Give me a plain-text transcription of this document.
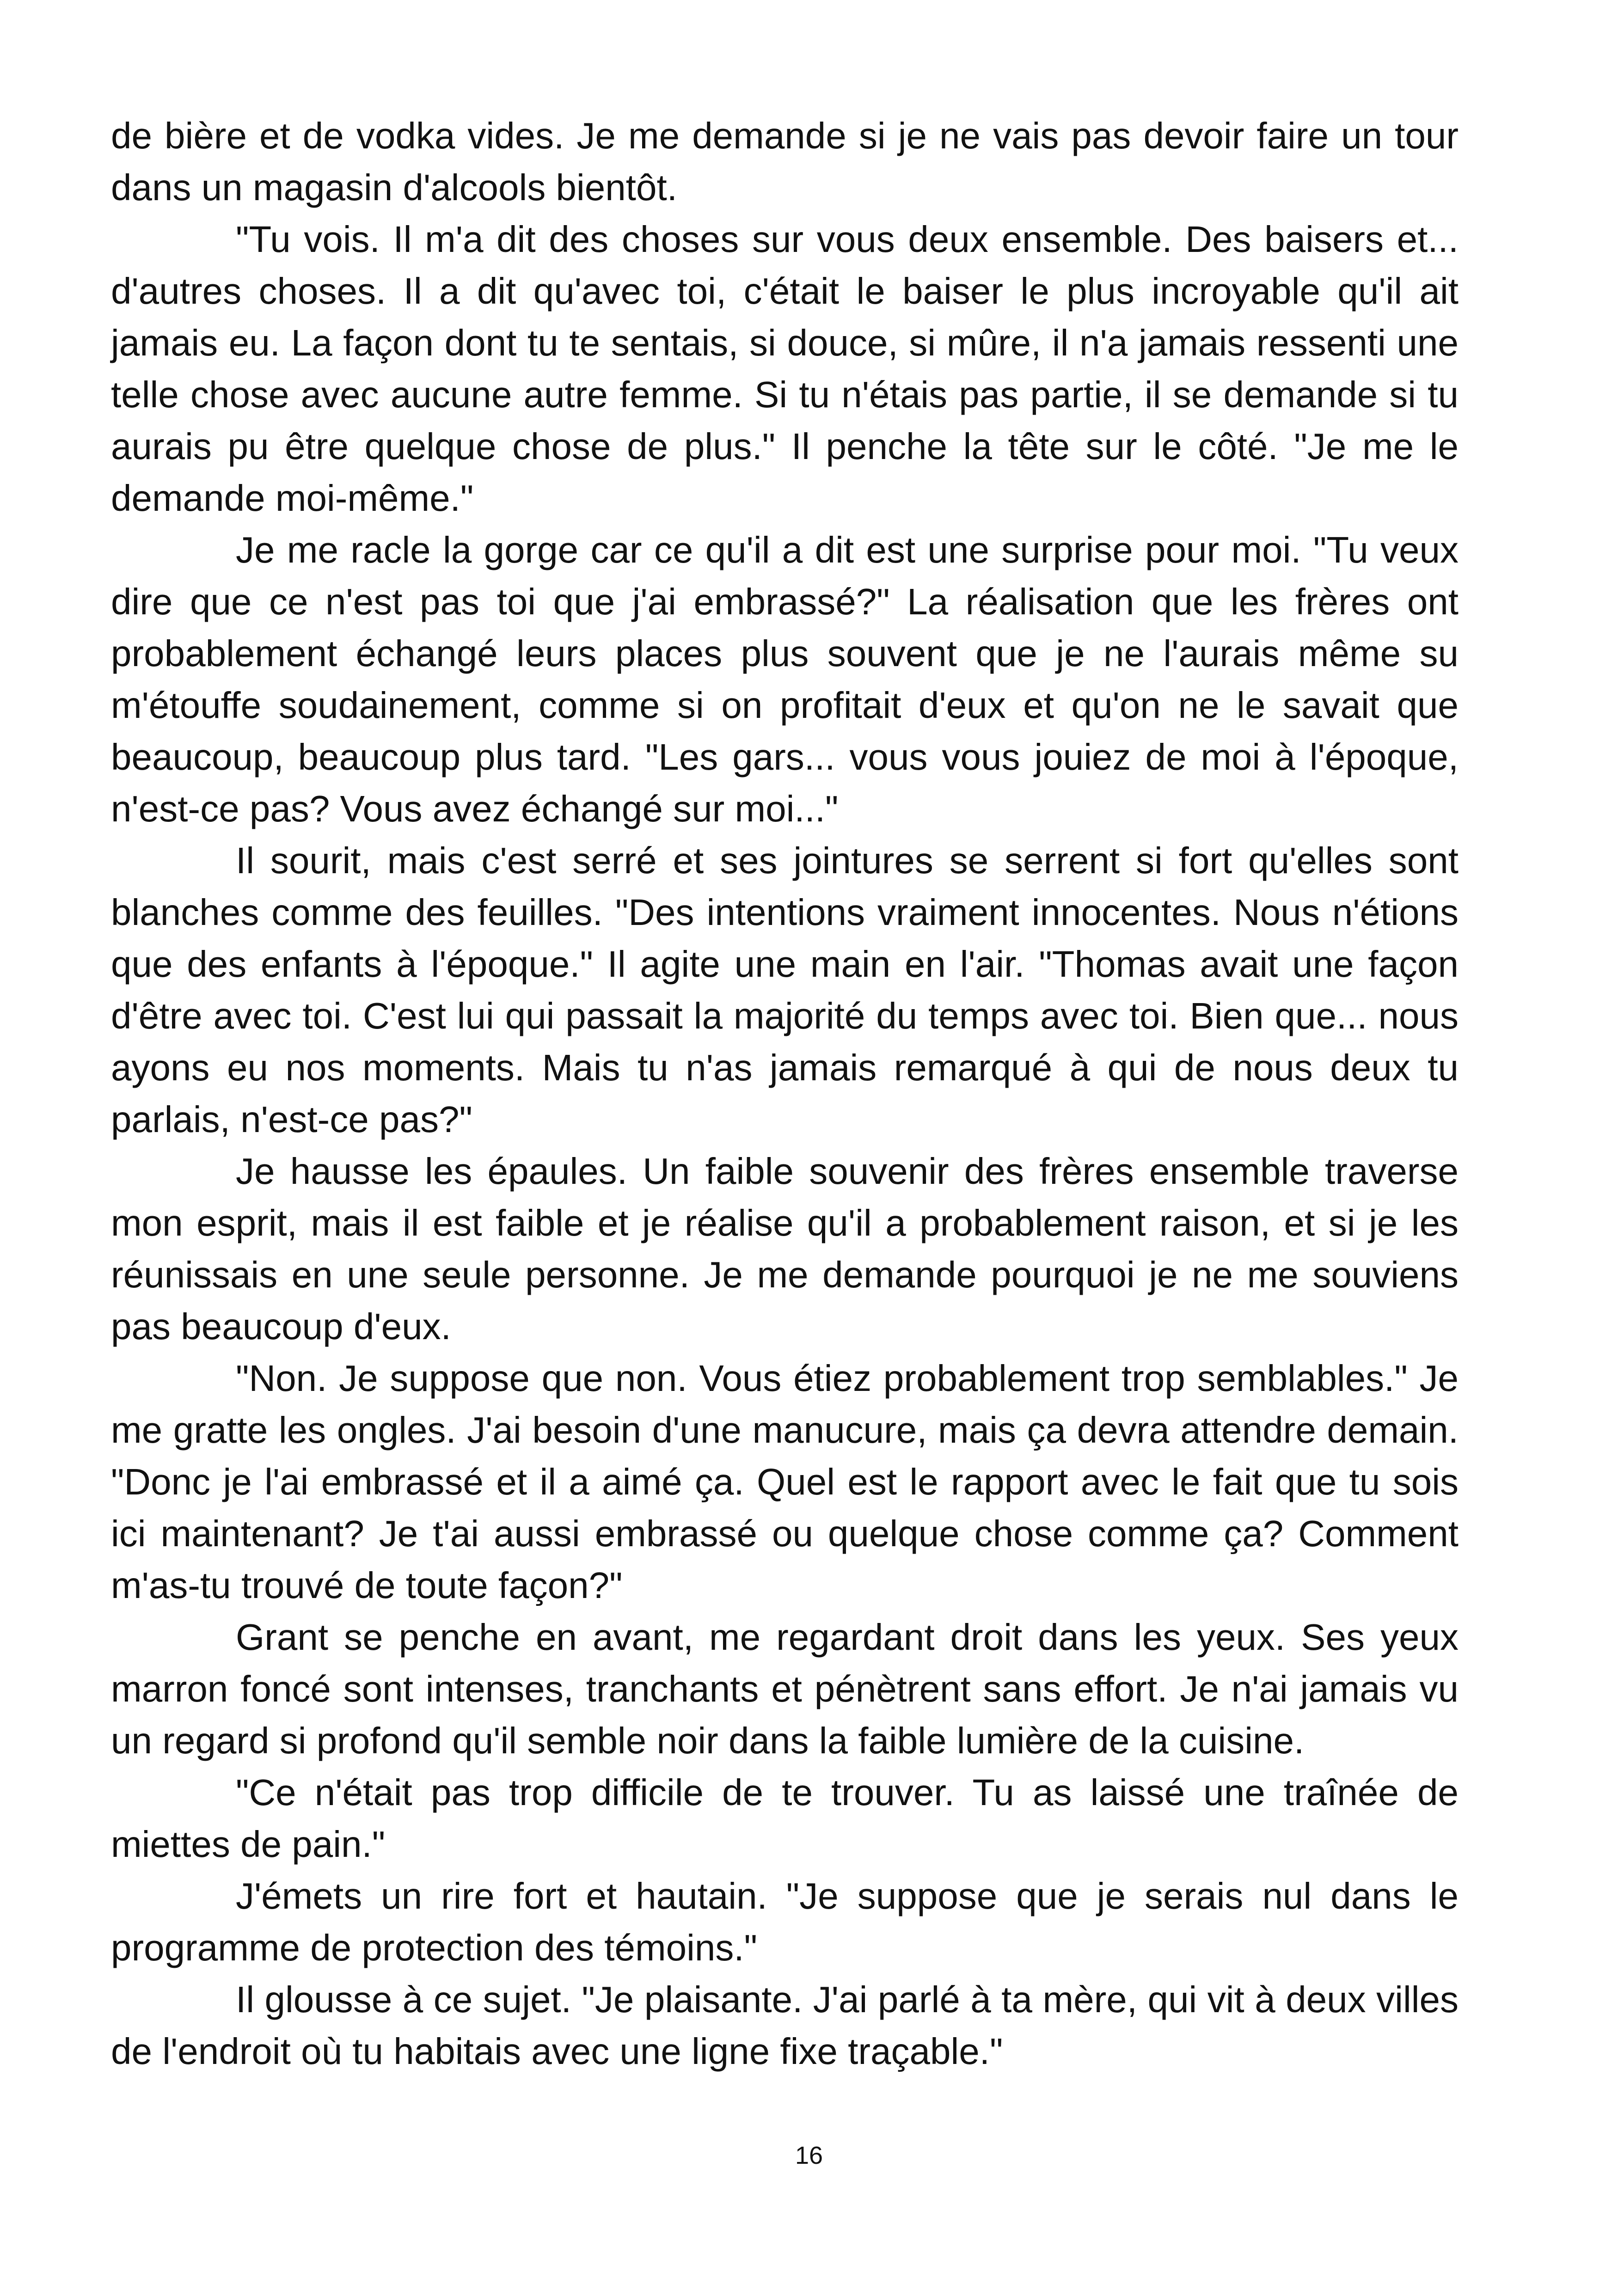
de bière et de vodka vides. Je me demande si je ne vais pas devoir faire un tour dans un magasin d'alcools bientôt.

"Tu vois. Il m'a dit des choses sur vous deux ensemble. Des baisers et... d'autres choses. Il a dit qu'avec toi, c'était le baiser le plus incroyable qu'il ait jamais eu. La façon dont tu te sentais, si douce, si mûre, il n'a jamais ressenti une telle chose avec aucune autre femme. Si tu n'étais pas partie, il se demande si tu aurais pu être quelque chose de plus." Il penche la tête sur le côté. "Je me le demande moi-même."

Je me racle la gorge car ce qu'il a dit est une surprise pour moi. "Tu veux dire que ce n'est pas toi que j'ai embrassé?" La réalisation que les frères ont probablement échangé leurs places plus souvent que je ne l'aurais même su m'étouffe soudainement, comme si on profitait d'eux et qu'on ne le savait que beaucoup, beaucoup plus tard. "Les gars... vous vous jouiez de moi à l'époque, n'est-ce pas? Vous avez échangé sur moi..."

Il sourit, mais c'est serré et ses jointures se serrent si fort qu'elles sont blanches comme des feuilles. "Des intentions vraiment innocentes. Nous n'étions que des enfants à l'époque." Il agite une main en l'air. "Thomas avait une façon d'être avec toi. C'est lui qui passait la majorité du temps avec toi. Bien que... nous ayons eu nos moments. Mais tu n'as jamais remarqué à qui de nous deux tu parlais, n'est-ce pas?"

Je hausse les épaules. Un faible souvenir des frères ensemble traverse mon esprit, mais il est faible et je réalise qu'il a probablement raison, et si je les réunissais en une seule personne. Je me demande pourquoi je ne me souviens pas beaucoup d'eux.

"Non. Je suppose que non. Vous étiez probablement trop semblables." Je me gratte les ongles. J'ai besoin d'une manucure, mais ça devra attendre demain. "Donc je l'ai embrassé et il a aimé ça. Quel est le rapport avec le fait que tu sois ici maintenant? Je t'ai aussi embrassé ou quelque chose comme ça? Comment m'as-tu trouvé de toute façon?"

Grant se penche en avant, me regardant droit dans les yeux. Ses yeux marron foncé sont intenses, tranchants et pénètrent sans effort. Je n'ai jamais vu un regard si profond qu'il semble noir dans la faible lumière de la cuisine.

"Ce n'était pas trop difficile de te trouver. Tu as laissé une traînée de miettes de pain."

J'émets un rire fort et hautain. "Je suppose que je serais nul dans le programme de protection des témoins."

Il glousse à ce sujet. "Je plaisante. J'ai parlé à ta mère, qui vit à deux villes de l'endroit où tu habitais avec une ligne fixe traçable."

16
